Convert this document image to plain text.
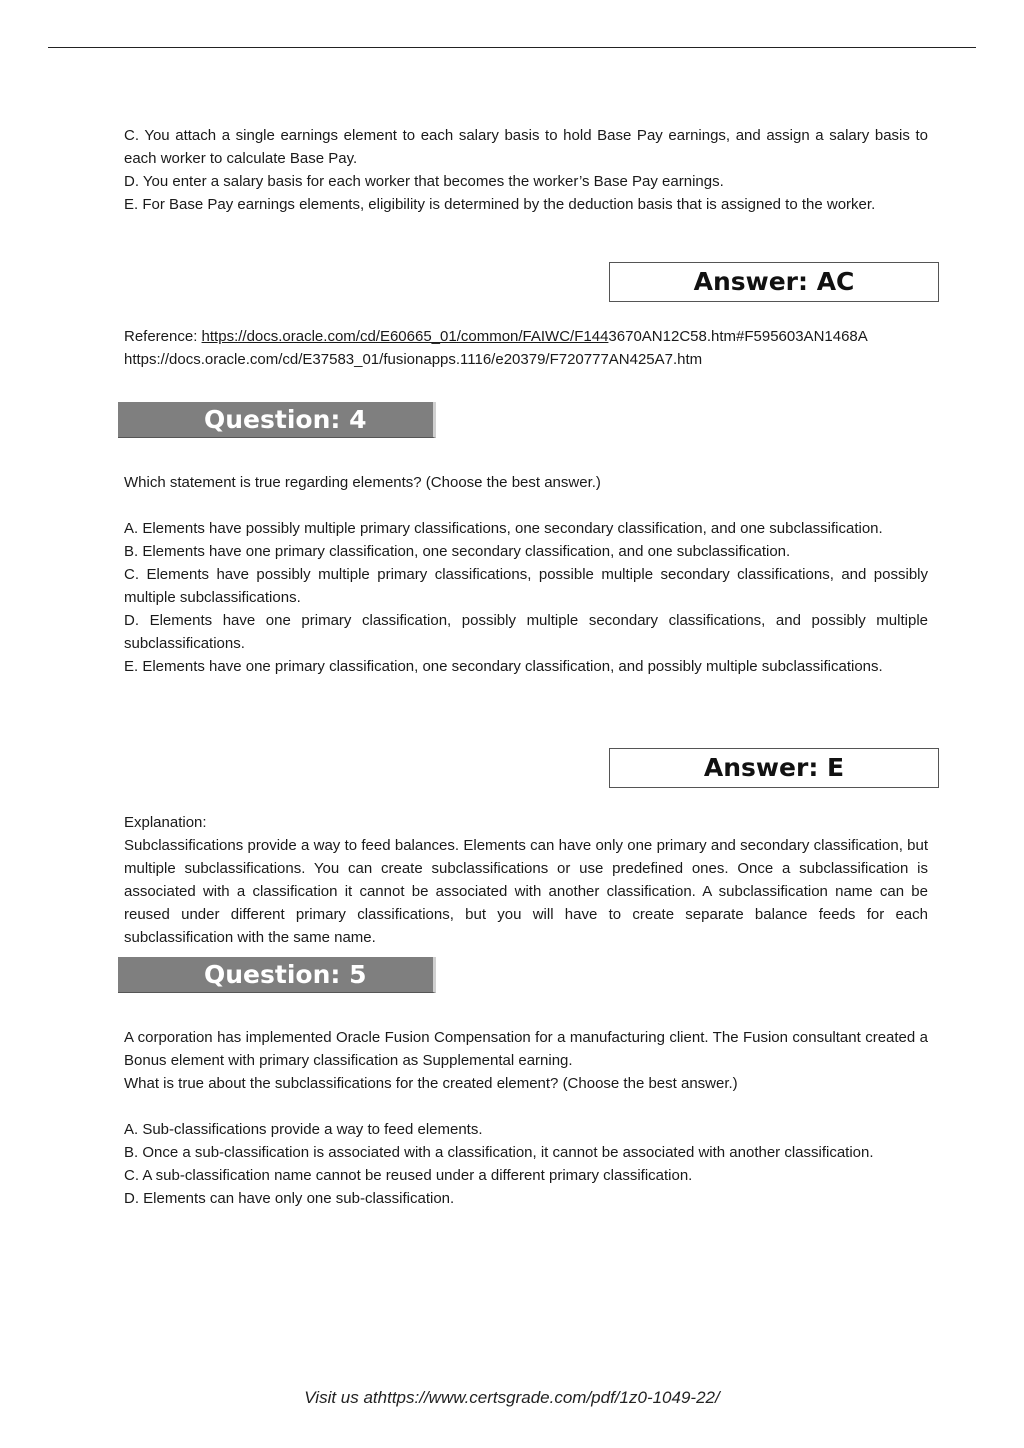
C. You attach a single earnings element to each salary basis to hold Base Pay earnings, and assign a salary basis to each worker to calculate Base Pay.

D. You enter a salary basis for each worker that becomes the worker’s Base Pay earnings.

E. For Base Pay earnings elements, eligibility is determined by the deduction basis that is assigned to the worker.

Answer: AC

Reference: https://docs.oracle.com/cd/E60665_01/common/FAIWC/F1443670AN12C58.htm#F595603AN1468A

https://docs.oracle.com/cd/E37583_01/fusionapps.1116/e20379/F720777AN425A7.htm

Question: 4

Which statement is true regarding elements? (Choose the best answer.)

A. Elements have possibly multiple primary classifications, one secondary classification, and one subclassification.

B. Elements have one primary classification, one secondary classification, and one subclassification.

C. Elements have possibly multiple primary classifications, possible multiple secondary classifications, and possibly multiple subclassifications.

D. Elements have one primary classification, possibly multiple secondary classifications, and possibly multiple subclassifications.

E. Elements have one primary classification, one secondary classification, and possibly multiple subclassifications.

Answer: E

Explanation:

Subclassifications provide a way to feed balances. Elements can have only one primary and secondary classification, but multiple subclassifications. You can create subclassifications or use predefined ones. Once a subclassification is associated with a classification it cannot be associated with another classification. A subclassification name can be reused under different primary classifications, but you will have to create separate balance feeds for each subclassification with the same name.

Question: 5

A corporation has implemented Oracle Fusion Compensation for a manufacturing client. The Fusion consultant created a Bonus element with primary classification as Supplemental earning.

What is true about the subclassifications for the created element? (Choose the best answer.)

A. Sub-classifications provide a way to feed elements.

B. Once a sub-classification is associated with a classification, it cannot be associated with another classification.

C. A sub-classification name cannot be reused under a different primary classification.

D. Elements can have only one sub-classification.

Visit us athttps://www.certsgrade.com/pdf/1z0-1049-22/
